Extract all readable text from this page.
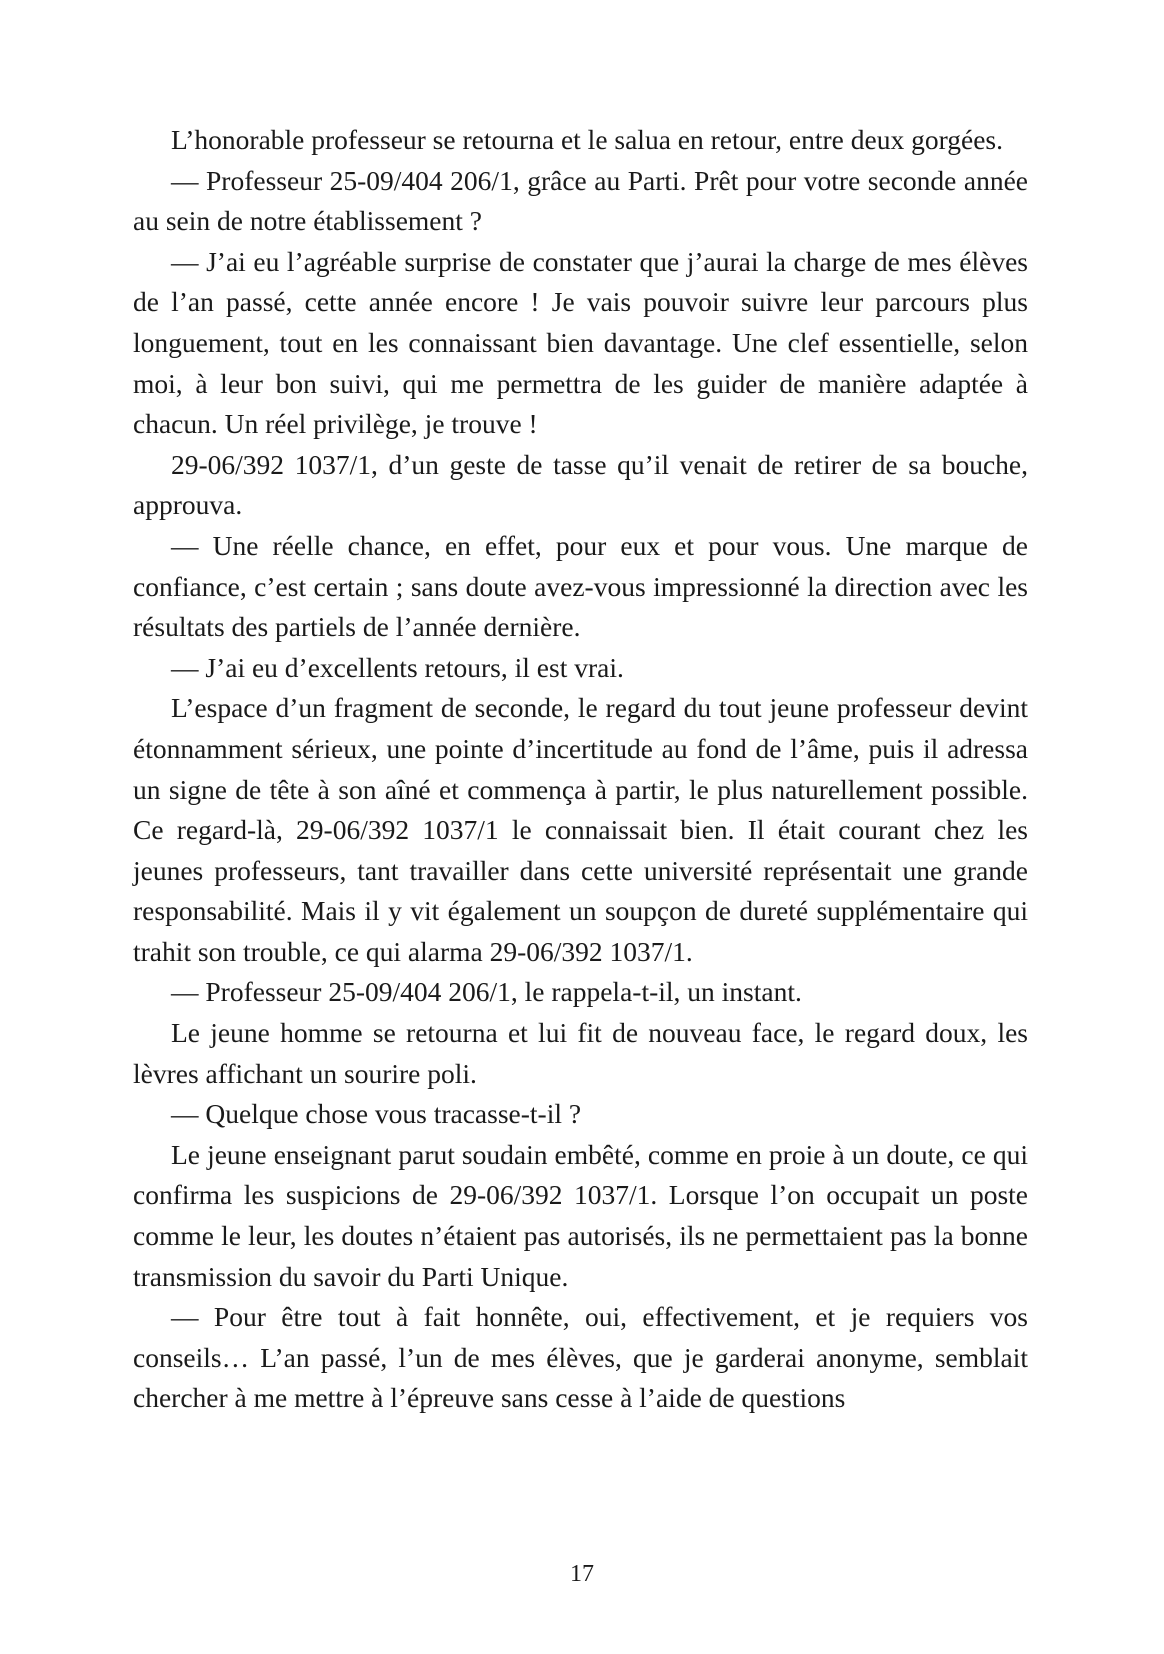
L’honorable professeur se retourna et le salua en retour, entre deux gorgées.

— Professeur 25-09/404 206/1, grâce au Parti. Prêt pour votre seconde année au sein de notre établissement ?

— J’ai eu l’agréable surprise de constater que j’aurai la charge de mes élèves de l’an passé, cette année encore ! Je vais pouvoir suivre leur parcours plus longuement, tout en les connaissant bien davantage. Une clef essentielle, selon moi, à leur bon suivi, qui me permettra de les guider de manière adaptée à chacun. Un réel privilège, je trouve !

29-06/392 1037/1, d’un geste de tasse qu’il venait de retirer de sa bouche, approuva.

— Une réelle chance, en effet, pour eux et pour vous. Une marque de confiance, c’est certain ; sans doute avez-vous impressionné la direction avec les résultats des partiels de l’année dernière.

— J’ai eu d’excellents retours, il est vrai.

L’espace d’un fragment de seconde, le regard du tout jeune professeur devint étonnamment sérieux, une pointe d’incertitude au fond de l’âme, puis il adressa un signe de tête à son aîné et commença à partir, le plus naturellement possible. Ce regard-là, 29-06/392 1037/1 le connaissait bien. Il était courant chez les jeunes professeurs, tant travailler dans cette université représentait une grande responsabilité. Mais il y vit également un soupçon de dureté supplémentaire qui trahit son trouble, ce qui alarma 29-06/392 1037/1.

— Professeur 25-09/404 206/1, le rappela-t-il, un instant.

Le jeune homme se retourna et lui fit de nouveau face, le regard doux, les lèvres affichant un sourire poli.

— Quelque chose vous tracasse-t-il ?

Le jeune enseignant parut soudain embêté, comme en proie à un doute, ce qui confirma les suspicions de 29-06/392 1037/1. Lorsque l’on occupait un poste comme le leur, les doutes n’étaient pas autorisés, ils ne permettaient pas la bonne transmission du savoir du Parti Unique.

— Pour être tout à fait honnête, oui, effectivement, et je requiers vos conseils… L’an passé, l’un de mes élèves, que je garderai anonyme, semblait chercher à me mettre à l’épreuve sans cesse à l’aide de questions

17
